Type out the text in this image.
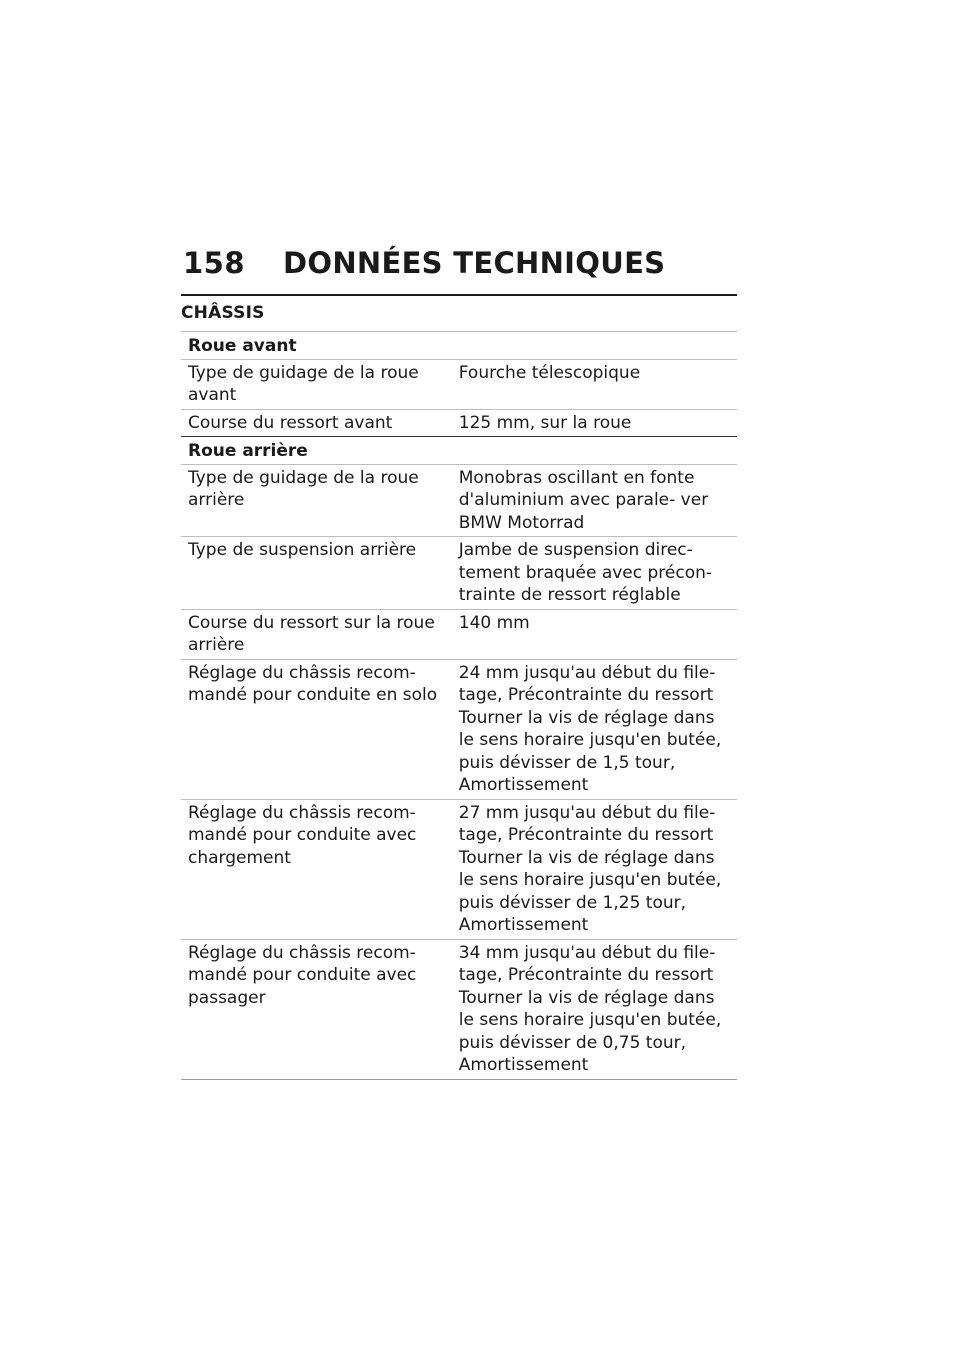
158	DONNÉES TECHNIQUES
CHÂSSIS
Roue avant	
Type de guidage de la roue avant	Fourche télescopique
Course du ressort avant	125 mm, sur la roue
Roue arrière	
Type de guidage de la roue arrière	Monobras oscillant en fonte d'aluminium avec parale- ver BMW Motorrad
Type de suspension arrière	Jambe de suspension direc- tement braquée avec précon- trainte de ressort réglable
Course du ressort sur la roue arrière	140 mm
Réglage du châssis recom- mandé pour conduite en solo	24 mm jusqu'au début du file- tage, Précontrainte du ressort Tourner la vis de réglage dans le sens horaire jusqu'en butée, puis dévisser de 1,5 tour, Amortissement
Réglage du châssis recom- mandé pour conduite avec chargement	27 mm jusqu'au début du file- tage, Précontrainte du ressort Tourner la vis de réglage dans le sens horaire jusqu'en butée, puis dévisser de 1,25 tour, Amortissement
Réglage du châssis recom- mandé pour conduite avec passager	34 mm jusqu'au début du file- tage, Précontrainte du ressort Tourner la vis de réglage dans le sens horaire jusqu'en butée, puis dévisser de 0,75 tour, Amortissement
